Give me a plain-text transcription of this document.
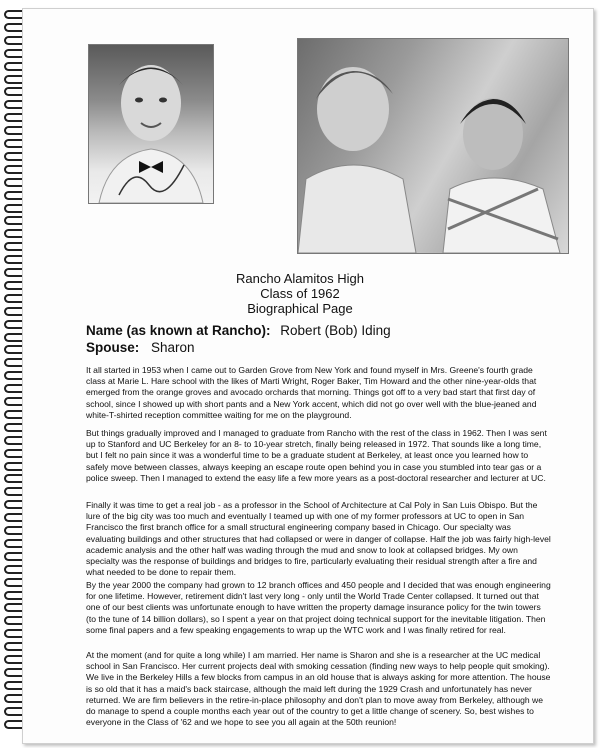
Rancho Alamitos High
Class of 1962
Biographical Page
Name (as known at Rancho): Robert (Bob) Iding
Spouse: Sharon

It all started in 1953 when I came out to Garden Grove from New York and found myself in Mrs. Greene's fourth grade class at Marie L. Hare school with the likes of Marti Wright, Roger Baker, Tim Howard and the other nine-year-olds that emerged from the orange groves and avocado orchards that morning. Things got off to a very bad start that first day of school, since I showed up with short pants and a New York accent, which did not go over well with the blue-jeaned and white-T-shirted reception committee waiting for me on the playground.

But things gradually improved and I managed to graduate from Rancho with the rest of the class in 1962. Then I was sent up to Stanford and UC Berkeley for an 8- to 10-year stretch, finally being released in 1972. That sounds like a long time, but I felt no pain since it was a wonderful time to be a graduate student at Berkeley, at least once you learned how to safely move between classes, always keeping an escape route open behind you in case you stumbled into tear gas or a police sweep. Then I managed to extend the easy life a few more years as a post-doctoral researcher and lecturer at UC.

Finally it was time to get a real job - as a professor in the School of Architecture at Cal Poly in San Luis Obispo. But the lure of the big city was too much and eventually I teamed up with one of my former professors at UC to open in San Francisco the first branch office for a small structural engineering company based in Chicago. Our specialty was evaluating buildings and other structures that had collapsed or were in danger of collapse. Half the job was fairly high-level academic analysis and the other half was wading through the mud and snow to look at collapsed bridges. My own specialty was the response of buildings and bridges to fire, particularly evaluating their residual strength after a fire and what needed to be done to repair them.

By the year 2000 the company had grown to 12 branch offices and 450 people and I decided that was enough engineering for one lifetime. However, retirement didn't last very long - only until the World Trade Center collapsed. It turned out that one of our best clients was unfortunate enough to have written the property damage insurance policy for the twin towers (to the tune of 14 billion dollars), so I spent a year on that project doing technical support for the inevitable litigation. Then some final papers and a few speaking engagements to wrap up the WTC work and I was finally retired for real.

At the moment (and for quite a long while) I am married. Her name is Sharon and she is a researcher at the UC medical school in San Francisco. Her current projects deal with smoking cessation (finding new ways to help people quit smoking). We live in the Berkeley Hills a few blocks from campus in an old house that is always asking for more attention. The house is so old that it has a maid's back staircase, although the maid left during the 1929 Crash and unfortunately has never returned. We are firm believers in the retire-in-place philosophy and don't plan to move away from Berkeley, although we do manage to spend a couple months each year out of the country to get a little change of scenery. So, best wishes to everyone in the Class of '62 and we hope to see you all again at the 50th reunion!
